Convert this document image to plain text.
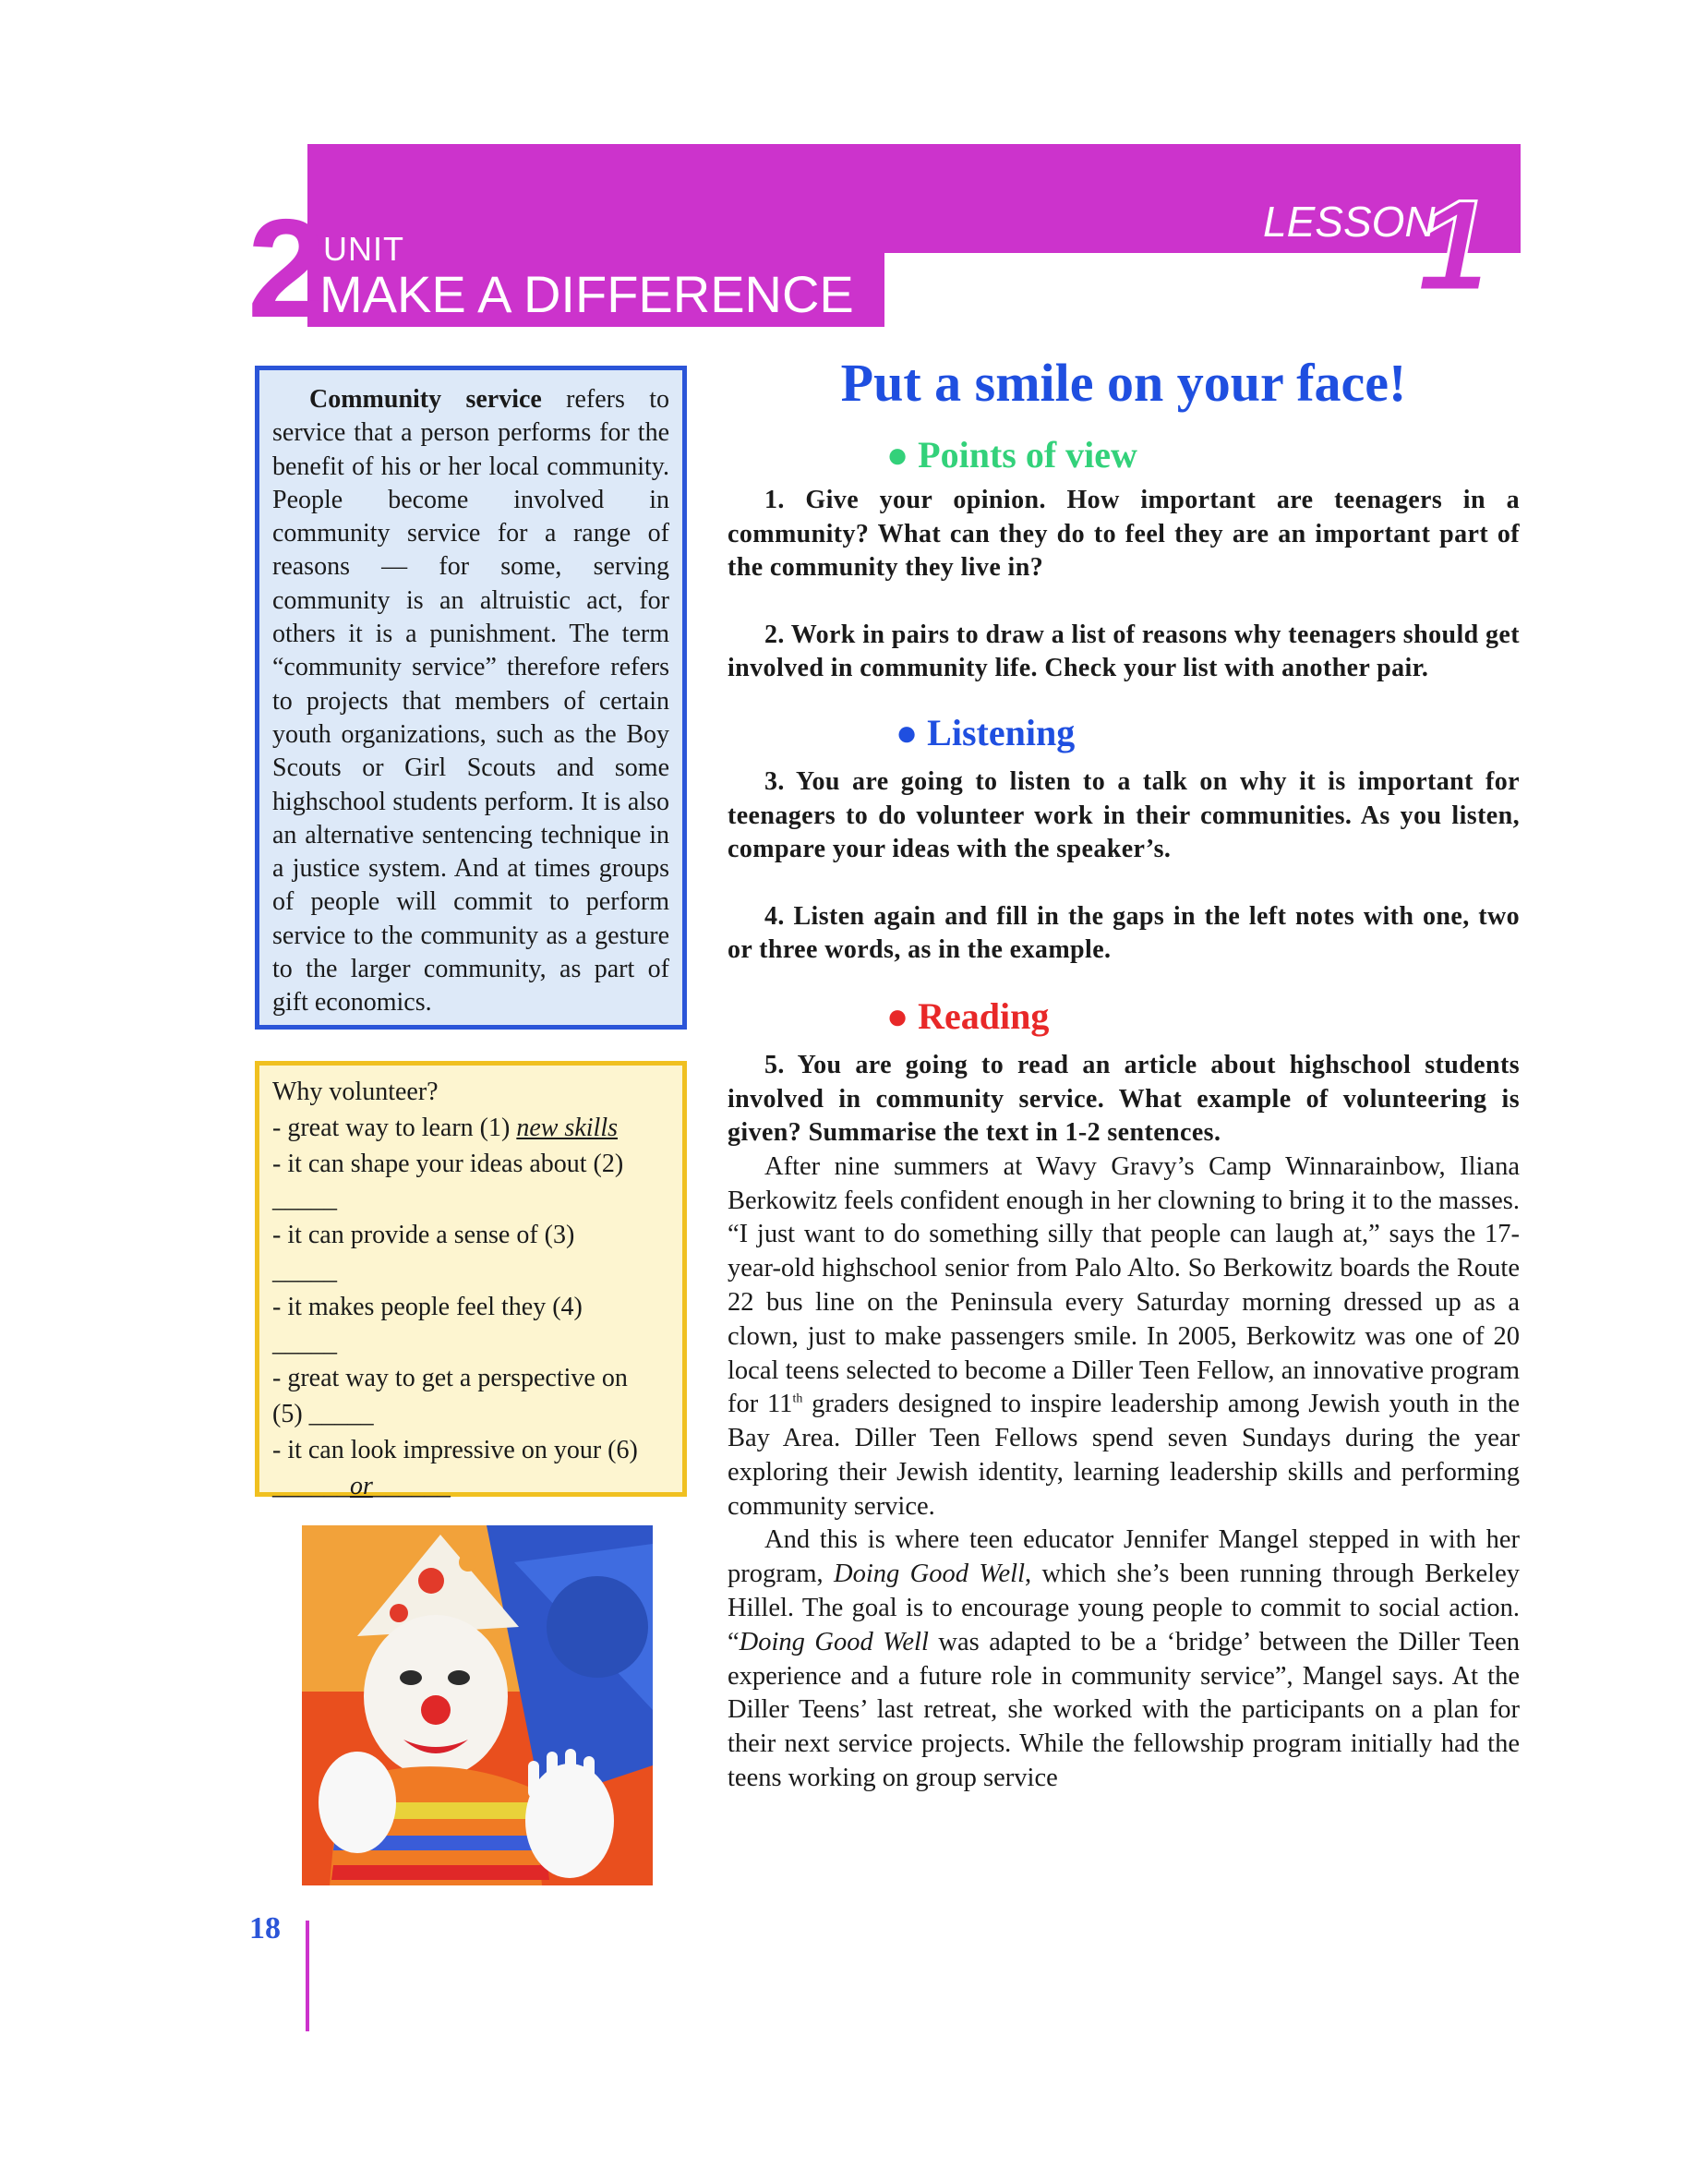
2 UNIT
MAKE A DIFFERENCE
LESSON
1

Community service refers to service that a person performs for the benefit of his or her local community. People become involved in community service for a range of reasons — for some, serving community is an altruistic act, for others it is a punishment. The term “community service” therefore refers to projects that members of certain youth organizations, such as the Boy Scouts or Girl Scouts and some highschool students perform. It is also an alternative sentencing technique in a justice system. And at times groups of people will commit to perform service to the community as a gesture to the larger community, as part of gift economics.

Why volunteer?

- great way to learn (1) new skills

- it can shape your ideas about (2)

_____

- it can provide a sense of (3)

_____

- it makes people feel they (4)

_____

- great way to get a perspective on

(5) _____

- it can look impressive on your (6)

______or______

18
Put a smile on your face!

● Points of view

1. Give your opinion. How important are teenagers in a community? What can they do to feel they are an important part of the community they live in?

2. Work in pairs to draw a list of reasons why teenagers should get involved in community life. Check your list with another pair.

● Listening

3. You are going to listen to a talk on why it is important for teenagers to do volunteer work in their communities. As you listen, compare your ideas with the speaker’s.

4. Listen again and fill in the gaps in the left notes with one, two or three words, as in the example.

● Reading

5. You are going to read an article about highschool students involved in community service. What example of volunteering is given? Summarise the text in 1-2 sentences.

After nine summers at Wavy Gravy’s Camp Winnarainbow, Iliana Berkowitz feels confident enough in her clowning to bring it to the masses. “I just want to do something silly that people can laugh at,” says the 17-year-old highschool senior from Palo Alto. So Berkowitz boards the Route 22 bus line on the Peninsula every Saturday morning dressed up as a clown, just to make passengers smile. In 2005, Berkowitz was one of 20 local teens selected to become a Diller Teen Fellow, an innovative program for 11th graders designed to inspire leadership among Jewish youth in the Bay Area. Diller Teen Fellows spend seven Sundays during the year exploring their Jewish identity, learning leadership skills and performing community service.

And this is where teen educator Jennifer Mangel stepped in with her program, Doing Good Well, which she’s been running through Berkeley Hillel. The goal is to encourage young people to commit to social action. “Doing Good Well was adapted to be a ‘bridge’ between the Diller Teen experience and a future role in community service”, Mangel says. At the Diller Teens’ last retreat, she worked with the participants on a plan for their next service projects. While the fellowship program initially had the teens working on group service
